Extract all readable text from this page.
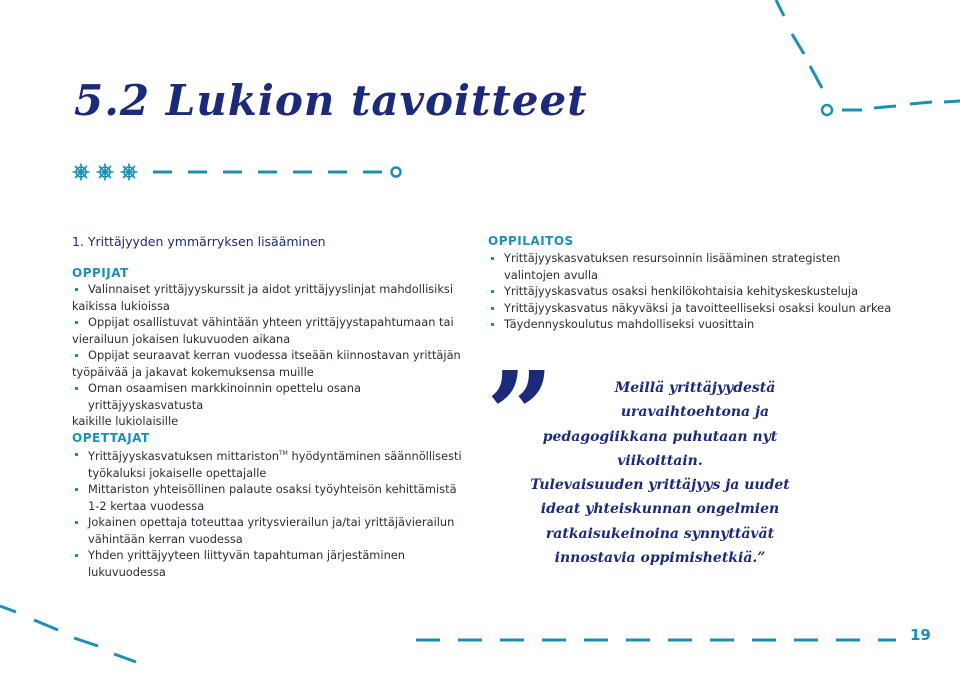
5.2 Lukion tavoitteet
1. Yrittäjyyden ymmärryksen lisääminen
OPPIJAT
Valinnaiset yrittäjyyskurssit ja aidot yrittäjyyslinjat mahdollisiksi
kaikissa lukioissa
Oppijat osallistuvat vähintään yhteen yrittäjyystapahtumaan tai
vierailuun jokaisen lukuvuoden aikana
Oppijat seuraavat kerran vuodessa itseään kiinnostavan yrittäjän
työpäivää ja jakavat kokemuksensa muille
Oman osaamisen markkinoinnin opettelu osana yrittäjyyskasvatusta
kaikille lukiolaisille
OPETTAJAT
Yrittäjyyskasvatuksen mittariston™ hyödyntäminen säännöllisesti
työkaluksi jokaiselle opettajalle
Mittariston yhteisöllinen palaute osaksi työyhteisön kehittämistä
1-2 kertaa vuodessa
Jokainen opettaja toteuttaa yritysvierailun ja/tai yrittäjävierailun
vähintään kerran vuodessa
Yhden yrittäjyyteen liittyvän tapahtuman järjestäminen lukuvuodessa
OPPILAITOS
Yrittäjyyskasvatuksen resursoinnin lisääminen strategisten
valintojen avulla
Yrittäjyyskasvatus osaksi henkilökohtaisia kehityskeskusteluja
Yrittäjyyskasvatus näkyväksi ja tavoitteelliseksi osaksi koulun arkea
Täydennyskoulutus mahdolliseksi vuosittain
”	Meillä yrittäjyydestä
uravaihtoehtona ja
pedagogiikkana puhutaan nyt viikoittain.
Tulevaisuuden yrittäjyys ja uudet
ideat yhteiskunnan ongelmien
ratkaisukeinoina synnyttävät
innostavia oppimishetkiä.”
19
